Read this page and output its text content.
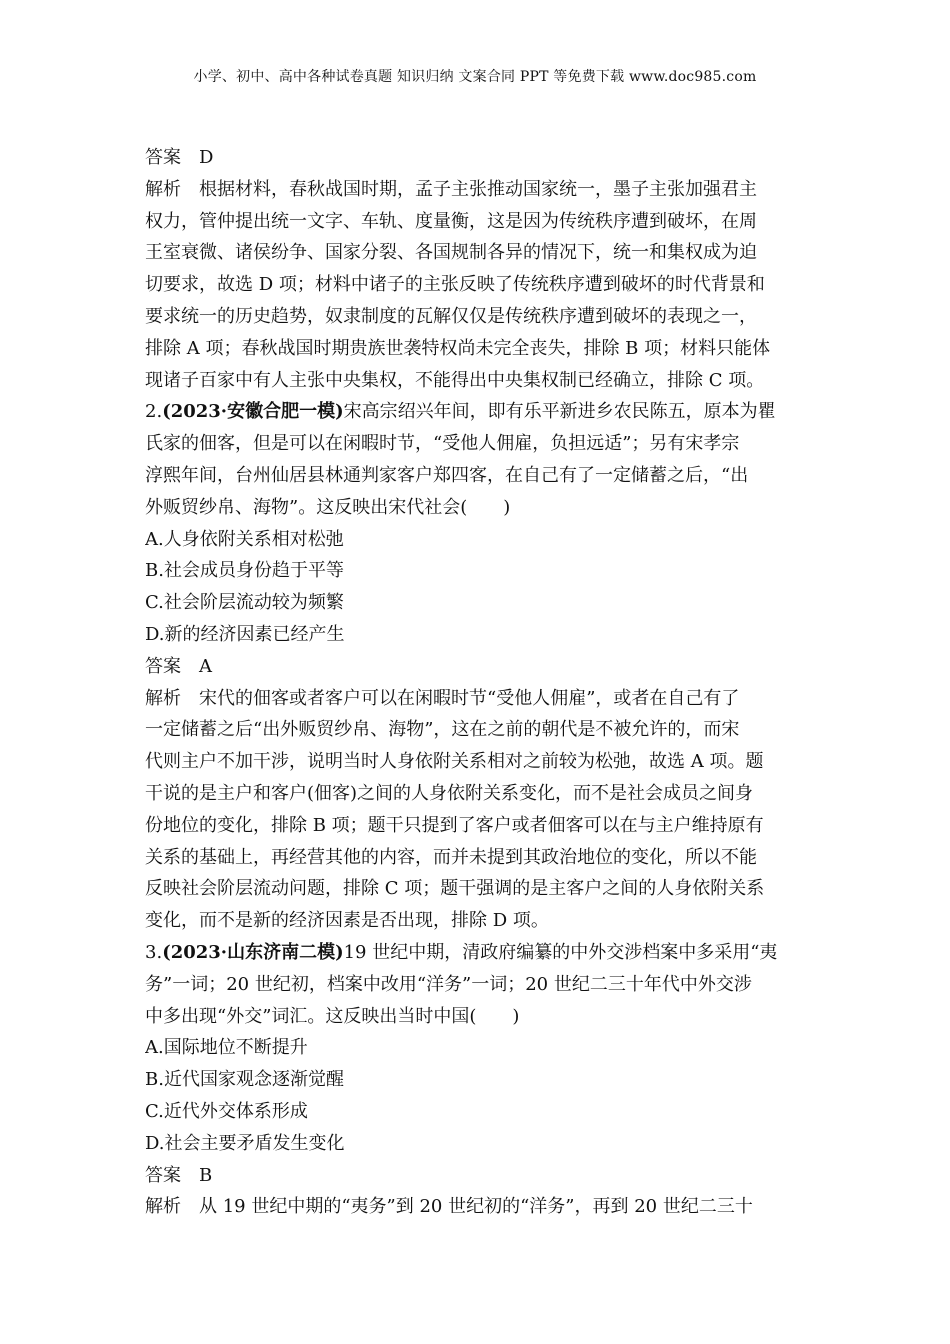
小学、初中、高中各种试卷真题 知识归纳 文案合同 PPT 等免费下载 www.doc985.com
答案 D
解析 根据材料，春秋战国时期，孟子主张推动国家统一，墨子主张加强君主
权力，管仲提出统一文字、车轨、度量衡，这是因为传统秩序遭到破坏，在周
王室衰微、诸侯纷争、国家分裂、各国规制各异的情况下，统一和集权成为迫
切要求，故选 D 项；材料中诸子的主张反映了传统秩序遭到破坏的时代背景和
要求统一的历史趋势，奴隶制度的瓦解仅仅是传统秩序遭到破坏的表现之一，
排除 A 项；春秋战国时期贵族世袭特权尚未完全丧失，排除 B 项；材料只能体
现诸子百家中有人主张中央集权，不能得出中央集权制已经确立，排除 C 项。
2.(2023·安徽合肥一模)宋高宗绍兴年间，即有乐平新进乡农民陈五，原本为瞿
氏家的佃客，但是可以在闲暇时节，“受他人佣雇，负担远适”；另有宋孝宗
淳熙年间，台州仙居县林通判家客户郑四客，在自己有了一定储蓄之后，“出
外贩贸纱帛、海物”。这反映出宋代社会(　　)
A.人身依附关系相对松弛
B.社会成员身份趋于平等
C.社会阶层流动较为频繁
D.新的经济因素已经产生
答案 A
解析 宋代的佃客或者客户可以在闲暇时节“受他人佣雇”，或者在自己有了
一定储蓄之后“出外贩贸纱帛、海物”，这在之前的朝代是不被允许的，而宋
代则主户不加干涉，说明当时人身依附关系相对之前较为松弛，故选 A 项。题
干说的是主户和客户(佃客)之间的人身依附关系变化，而不是社会成员之间身
份地位的变化，排除 B 项；题干只提到了客户或者佃客可以在与主户维持原有
关系的基础上，再经营其他的内容，而并未提到其政治地位的变化，所以不能
反映社会阶层流动问题，排除 C 项；题干强调的是主客户之间的人身依附关系
变化，而不是新的经济因素是否出现，排除 D 项。
3.(2023·山东济南二模)19 世纪中期，清政府编纂的中外交涉档案中多采用“夷
务”一词；20 世纪初，档案中改用“洋务”一词；20 世纪二三十年代中外交涉
中多出现“外交”词汇。这反映出当时中国(　　)
A.国际地位不断提升
B.近代国家观念逐渐觉醒
C.近代外交体系形成
D.社会主要矛盾发生变化
答案 B
解析 从 19 世纪中期的“夷务”到 20 世纪初的“洋务”，再到 20 世纪二三十
